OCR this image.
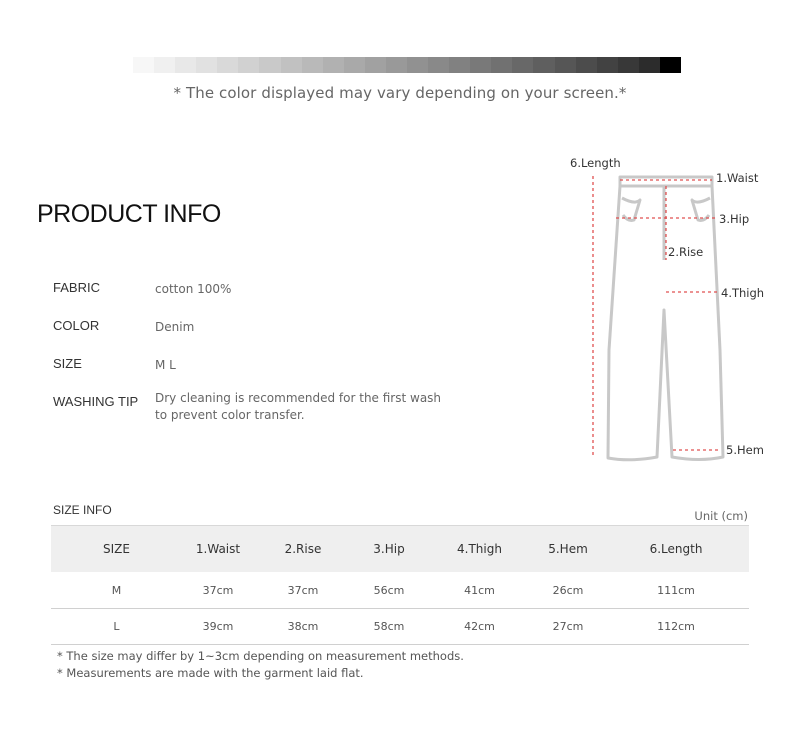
* The color displayed may vary depending on your screen.*
PRODUCT INFO
FABRIC	cotton 100%
COLOR	Denim
SIZE	M L
WASHING TIP Dry cleaning is recommended for the first wash to prevent color transfer.
6.Length
1.Waist
3.Hip
2.Rise
4.Thigh
5.Hem
SIZE INFO	Unit (cm)
SIZE	1.Waist	2.Rise	3.Hip	4.Thigh	5.Hem	6.Length
M	37cm	37cm	56cm	41cm	26cm	111cm
L	39cm	38cm	58cm	42cm	27cm	112cm
* The size may differ by 1~3cm depending on measurement methods.
* Measurements are made with the garment laid flat.
